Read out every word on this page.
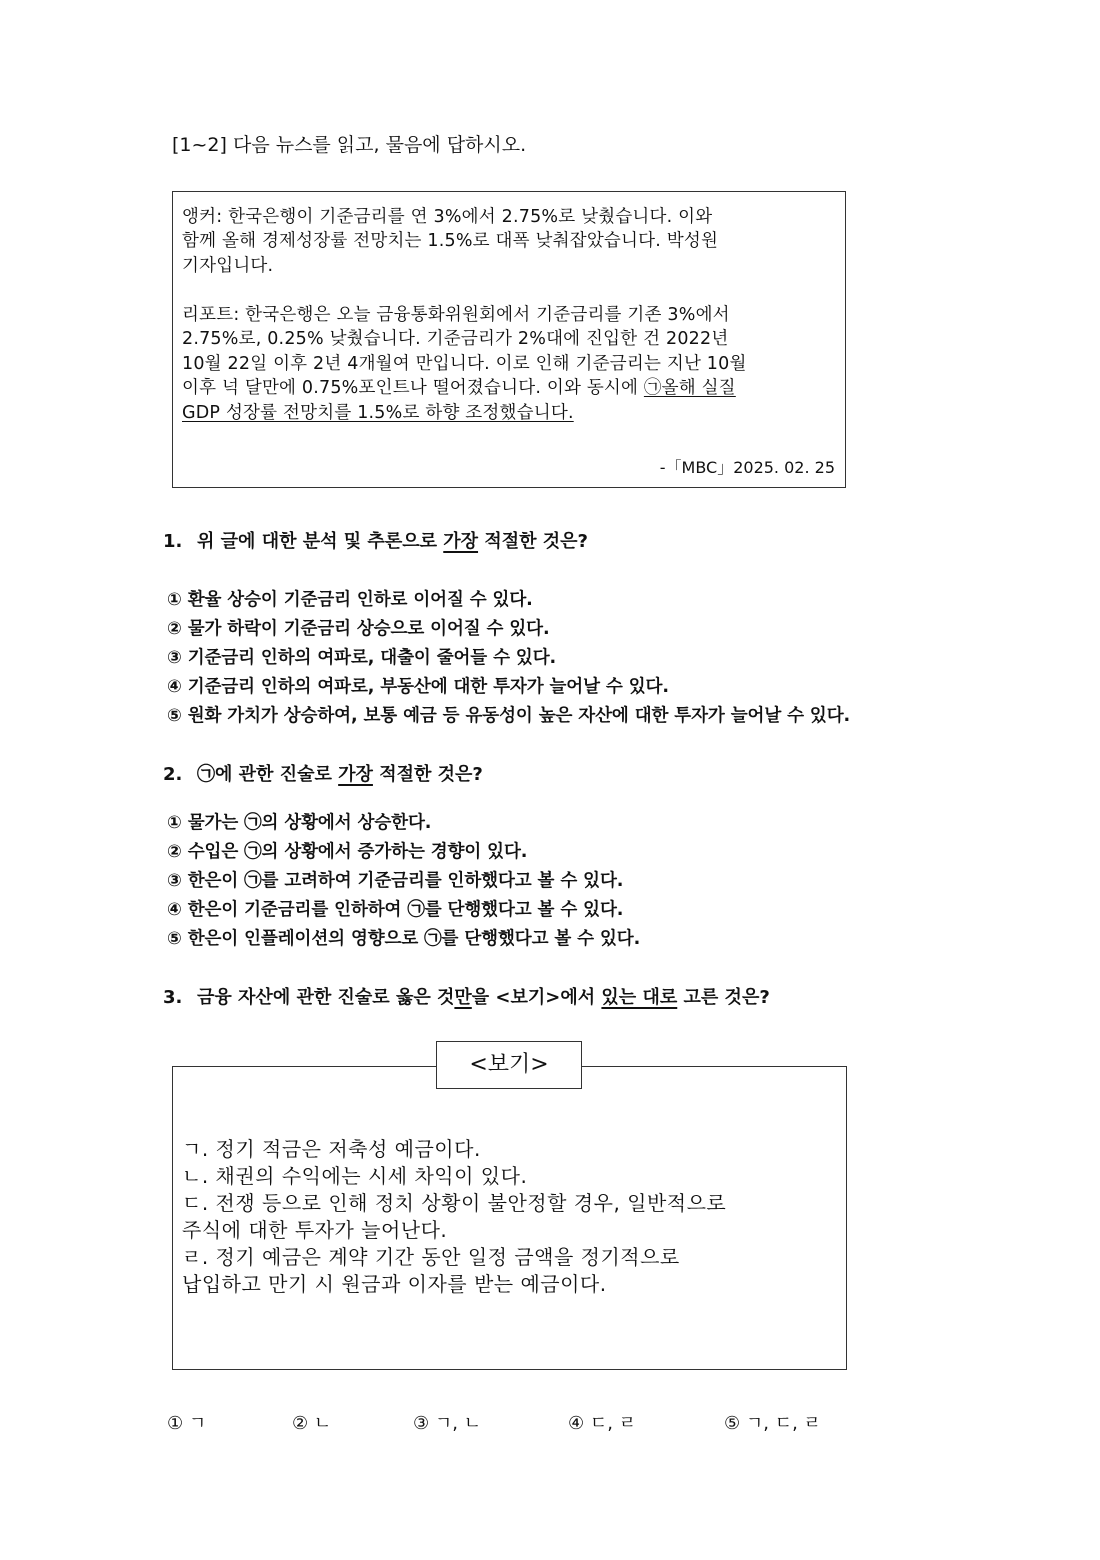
[1~2] 다음 뉴스를 읽고, 물음에 답하시오.
앵커: 한국은행이 기준금리를 연 3%에서 2.75%로 낮췄습니다. 이와
함께 올해 경제성장률 전망치는 1.5%로 대폭 낮춰잡았습니다. 박성원
기자입니다.
리포트: 한국은행은 오늘 금융통화위원회에서 기준금리를 기존 3%에서
2.75%로, 0.25% 낮췄습니다. 기준금리가 2%대에 진입한 건 2022년
10월 22일 이후 2년 4개월여 만입니다. 이로 인해 기준금리는 지난 10월
이후 넉 달만에 0.75%포인트나 떨어졌습니다. 이와 동시에 ㉠올해 실질
GDP 성장률 전망치를 1.5%로 하향 조정했습니다.
-「MBC」2025. 02. 25
1. 위 글에 대한 분석 및 추론으로 가장 적절한 것은?
① 환율 상승이 기준금리 인하로 이어질 수 있다.
② 물가 하락이 기준금리 상승으로 이어질 수 있다.
③ 기준금리 인하의 여파로, 대출이 줄어들 수 있다.
④ 기준금리 인하의 여파로, 부동산에 대한 투자가 늘어날 수 있다.
⑤ 원화 가치가 상승하여, 보통 예금 등 유동성이 높은 자산에 대한 투자가 늘어날 수 있다.
2. ㉠에 관한 진술로 가장 적절한 것은?
① 물가는 ㉠의 상황에서 상승한다.
② 수입은 ㉠의 상황에서 증가하는 경향이 있다.
③ 한은이 ㉠를 고려하여 기준금리를 인하했다고 볼 수 있다.
④ 한은이 기준금리를 인하하여 ㉠를 단행했다고 볼 수 있다.
⑤ 한은이 인플레이션의 영향으로 ㉠를 단행했다고 볼 수 있다.
3. 금융 자산에 관한 진술로 옳은 것만을 <보기>에서 있는 대로 고른 것은?
<보기>
ㄱ. 정기 적금은 저축성 예금이다.
ㄴ. 채권의 수익에는 시세 차익이 있다.
ㄷ. 전쟁 등으로 인해 정치 상황이 불안정할 경우, 일반적으로
주식에 대한 투자가 늘어난다.
ㄹ. 정기 예금은 계약 기간 동안 일정 금액을 정기적으로
납입하고 만기 시 원금과 이자를 받는 예금이다.
① ㄱ	② ㄴ	③ ㄱ, ㄴ	④ ㄷ, ㄹ	⑤ ㄱ, ㄷ, ㄹ
